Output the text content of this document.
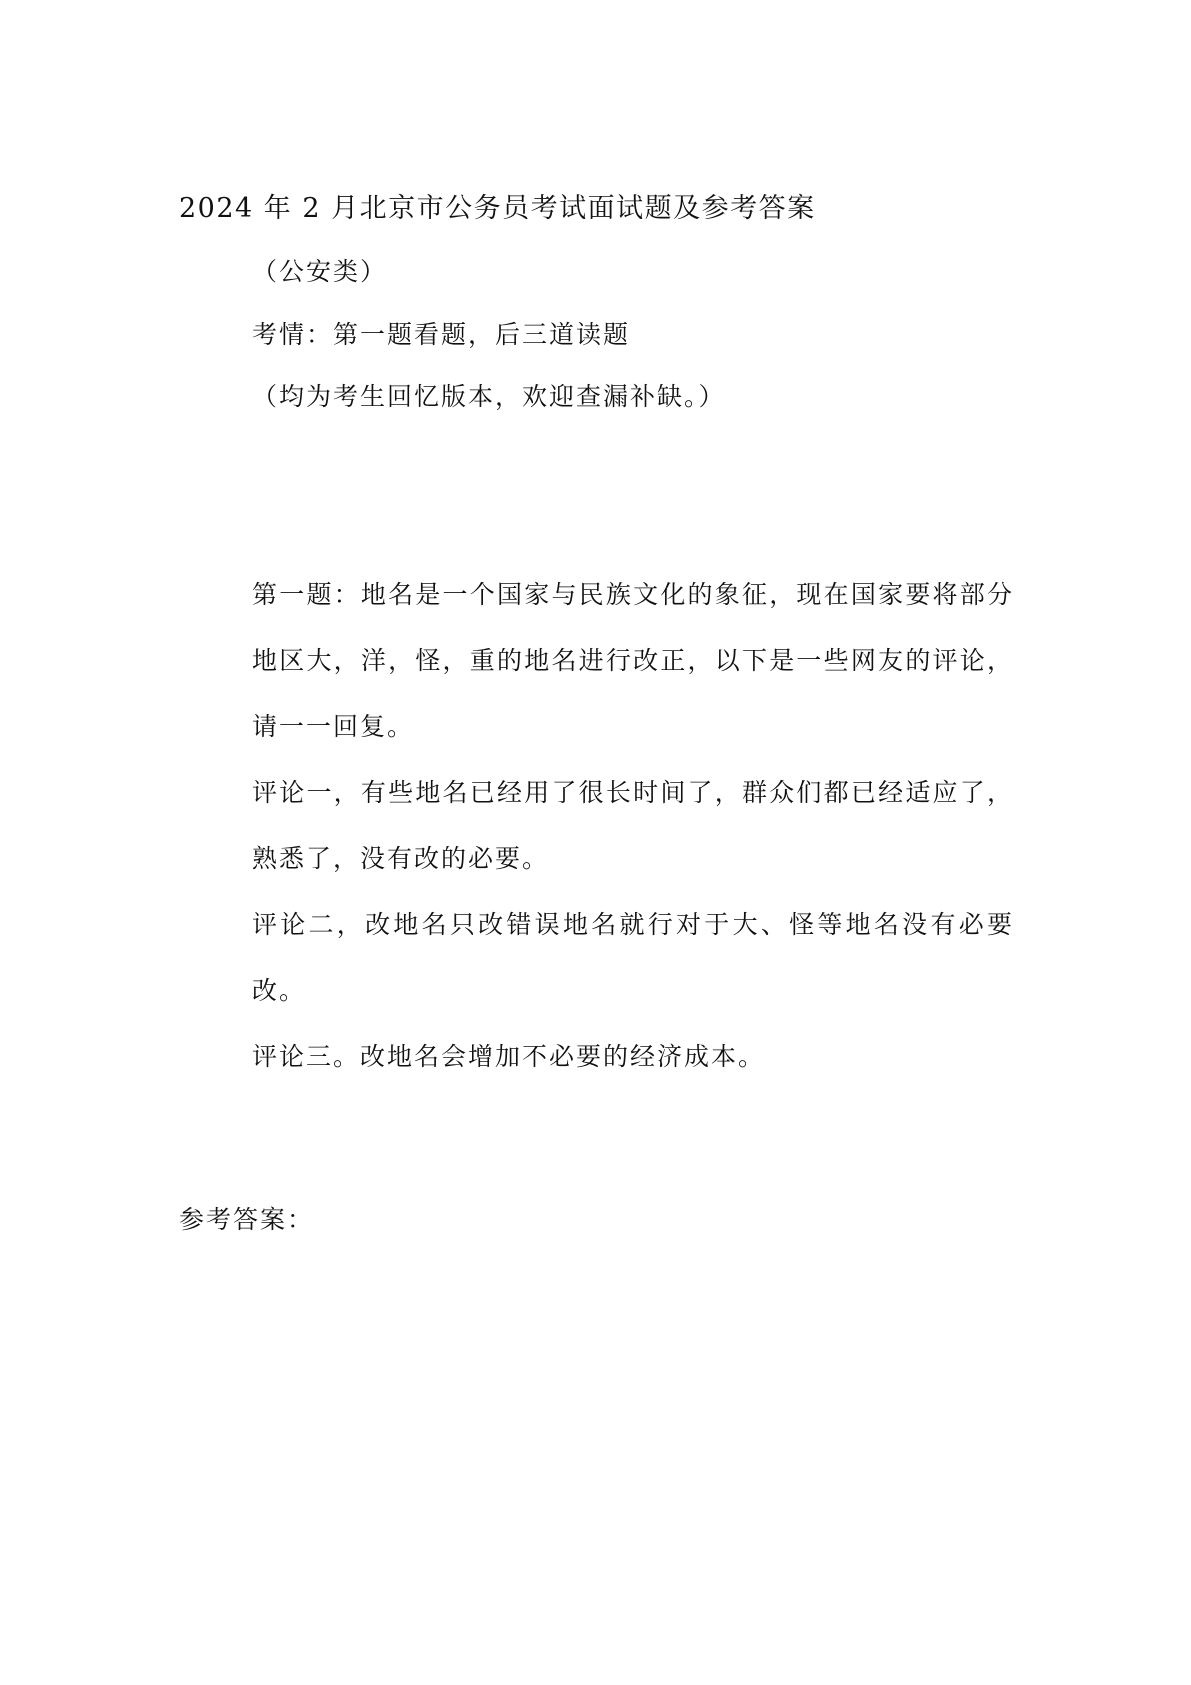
2024 年 2 月北京市公务员考试面试题及参考答案
（公安类）
考情：第一题看题，后三道读题
（均为考生回忆版本，欢迎查漏补缺。）

第一题：地名是一个国家与民族文化的象征，现在国家要将部分地区大，洋，怪，重的地名进行改正，以下是一些网友的评论，请一一回复。

评论一，有些地名已经用了很长时间了，群众们都已经适应了，熟悉了，没有改的必要。

评论二，改地名只改错误地名就行对于大、怪等地名没有必要改。

评论三。改地名会增加不必要的经济成本。

参考答案：
